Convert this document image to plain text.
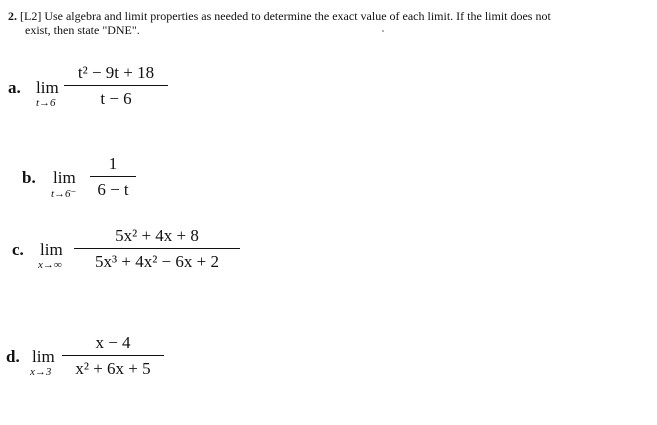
2. [L2] Use algebra and limit properties as needed to determine the exact value of each limit. If the limit does not
exist, then state "DNE".
a. lim
t→6
t² − 9t + 18
t − 6
b. lim
t→6⁻
1
6 − t
c. lim
x→∞
5x² + 4x + 8
5x³ + 4x² − 6x + 2
d. lim
x→3
x − 4
x² + 6x + 5
